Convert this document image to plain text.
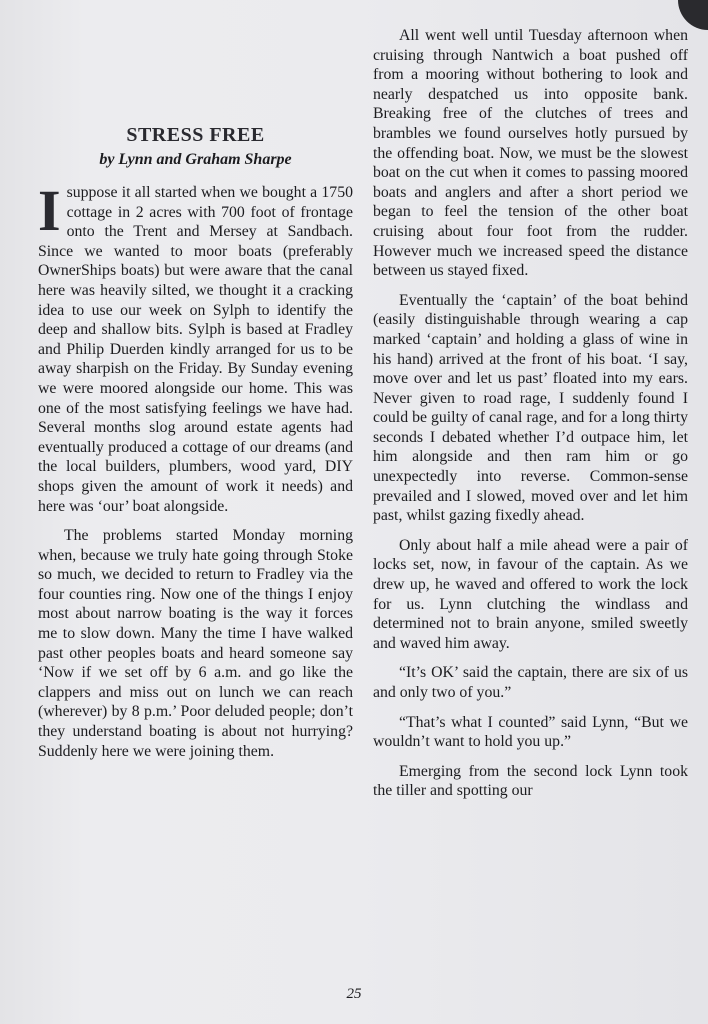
STRESS FREE
by Lynn and Graham Sharpe

I suppose it all started when we bought a 1750 cottage in 2 acres with 700 foot of frontage onto the Trent and Mersey at Sandbach. Since we wanted to moor boats (preferably OwnerShips boats) but were aware that the canal here was heavily silted, we thought it a cracking idea to use our week on Sylph to identify the deep and shallow bits. Sylph is based at Fradley and Philip Duerden kindly arranged for us to be away sharpish on the Friday. By Sunday evening we were moored alongside our home. This was one of the most satisfying feelings we have had. Several months slog around estate agents had eventually produced a cottage of our dreams (and the local builders, plumbers, wood yard, DIY shops given the amount of work it needs) and here was ‘our’ boat alongside.

The problems started Monday morning when, because we truly hate going through Stoke so much, we decided to return to Fradley via the four counties ring. Now one of the things I enjoy most about narrow boating is the way it forces me to slow down. Many the time I have walked past other peoples boats and heard someone say ‘Now if we set off by 6 a.m. and go like the clappers and miss out on lunch we can reach (wherever) by 8 p.m.’ Poor deluded people; don’t they understand boating is about not hurrying? Suddenly here we were joining them.

All went well until Tuesday afternoon when cruising through Nantwich a boat pushed off from a mooring without bothering to look and nearly despatched us into opposite bank. Breaking free of the clutches of trees and brambles we found ourselves hotly pursued by the offending boat. Now, we must be the slowest boat on the cut when it comes to passing moored boats and anglers and after a short period we began to feel the tension of the other boat cruising about four foot from the rudder. However much we increased speed the distance between us stayed fixed.

Eventually the ‘captain’ of the boat behind (easily distinguishable through wearing a cap marked ‘captain’ and holding a glass of wine in his hand) arrived at the front of his boat. ‘I say, move over and let us past’ floated into my ears. Never given to road rage, I suddenly found I could be guilty of canal rage, and for a long thirty seconds I debated whether I’d outpace him, let him alongside and then ram him or go unexpectedly into reverse. Common-sense prevailed and I slowed, moved over and let him past, whilst gazing fixedly ahead.

Only about half a mile ahead were a pair of locks set, now, in favour of the captain. As we drew up, he waved and offered to work the lock for us. Lynn clutching the windlass and determined not to brain anyone, smiled sweetly and waved him away.

“It’s OK’ said the captain, there are six of us and only two of you.”

“That’s what I counted” said Lynn, “But we wouldn’t want to hold you up.”

Emerging from the second lock Lynn took the tiller and spotting our

25
